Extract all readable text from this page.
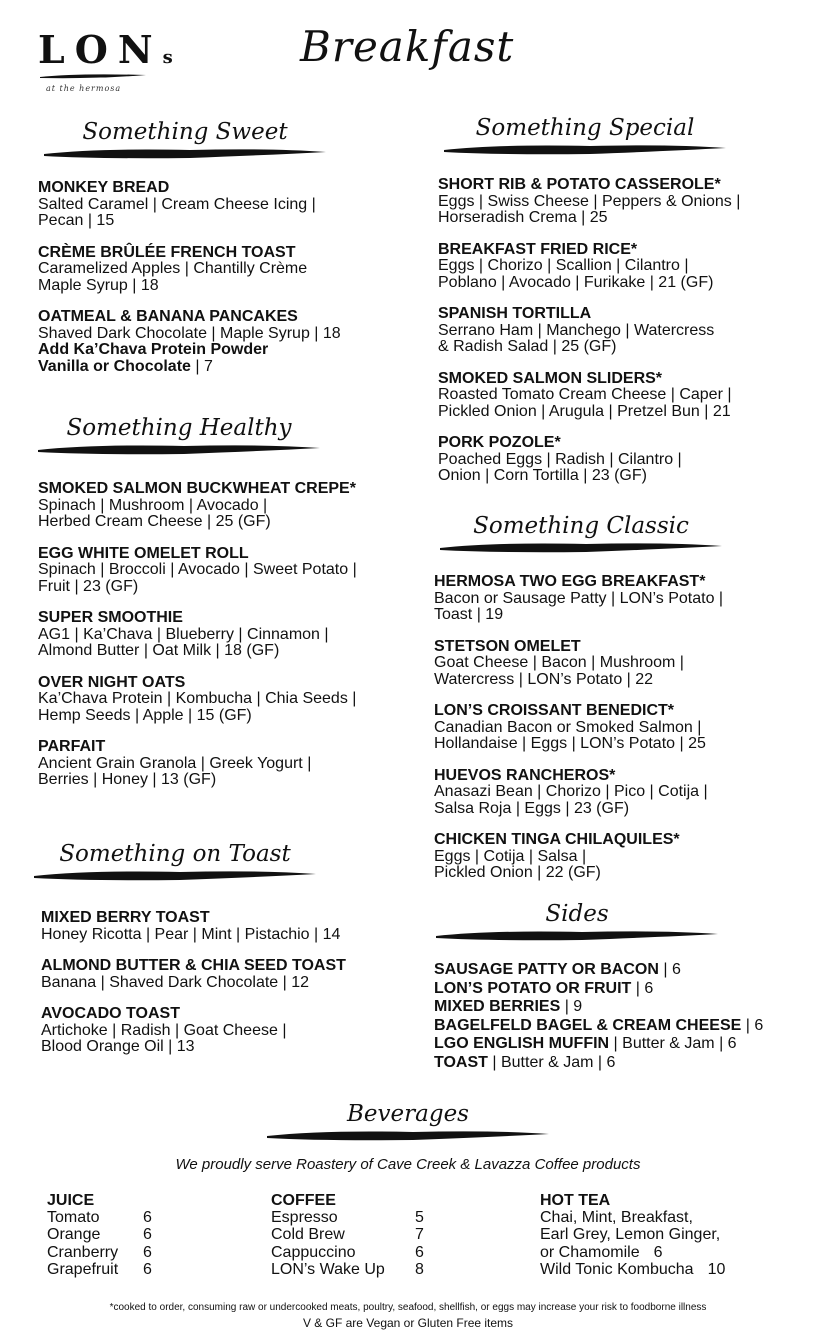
LONs
at the hermosa
Breakfast
Something Sweet
MONKEY BREAD
Salted Caramel | Cream Cheese Icing |
Pecan | 15
CRÈME BRÛLÉE FRENCH TOAST
Caramelized Apples | Chantilly Crème
Maple Syrup | 18
OATMEAL & BANANA PANCAKES
Shaved Dark Chocolate | Maple Syrup | 18
Add Ka’Chava Protein Powder
Vanilla or Chocolate | 7
Something Healthy
SMOKED SALMON BUCKWHEAT CREPE*
Spinach | Mushroom | Avocado |
Herbed Cream Cheese | 25 (GF)
EGG WHITE OMELET ROLL
Spinach | Broccoli | Avocado | Sweet Potato |
Fruit | 23 (GF)
SUPER SMOOTHIE
AG1 | Ka’Chava | Blueberry | Cinnamon |
Almond Butter | Oat Milk | 18 (GF)
OVER NIGHT OATS
Ka’Chava Protein | Kombucha | Chia Seeds |
Hemp Seeds | Apple | 15 (GF)
PARFAIT
Ancient Grain Granola | Greek Yogurt |
Berries | Honey | 13 (GF)
Something on Toast
MIXED BERRY TOAST
Honey Ricotta | Pear | Mint | Pistachio | 14
ALMOND BUTTER & CHIA SEED TOAST
Banana | Shaved Dark Chocolate | 12
AVOCADO TOAST
Artichoke | Radish | Goat Cheese |
Blood Orange Oil | 13
Something Special
SHORT RIB & POTATO CASSEROLE*
Eggs | Swiss Cheese | Peppers & Onions |
Horseradish Crema | 25
BREAKFAST FRIED RICE*
Eggs | Chorizo | Scallion | Cilantro |
Poblano | Avocado | Furikake | 21 (GF)
SPANISH TORTILLA
Serrano Ham | Manchego | Watercress
& Radish Salad | 25 (GF)
SMOKED SALMON SLIDERS*
Roasted Tomato Cream Cheese | Caper |
Pickled Onion | Arugula | Pretzel Bun | 21
PORK POZOLE*
Poached Eggs | Radish | Cilantro |
Onion | Corn Tortilla | 23 (GF)
Something Classic
HERMOSA TWO EGG BREAKFAST*
Bacon or Sausage Patty | LON’s Potato |
Toast | 19
STETSON OMELET
Goat Cheese | Bacon | Mushroom |
Watercress | LON’s Potato | 22
LON’S CROISSANT BENEDICT*
Canadian Bacon or Smoked Salmon |
Hollandaise | Eggs | LON’s Potato | 25
HUEVOS RANCHEROS*
Anasazi Bean | Chorizo | Pico | Cotija |
Salsa Roja | Eggs | 23 (GF)
CHICKEN TINGA CHILAQUILES*
Eggs | Cotija | Salsa |
Pickled Onion | 22 (GF)
Sides
SAUSAGE PATTY OR BACON | 6
LON’S POTATO OR FRUIT | 6
MIXED BERRIES | 9
BAGELFELD BAGEL & CREAM CHEESE | 6
LGO ENGLISH MUFFIN | Butter & Jam | 6
TOAST | Butter & Jam | 6
Beverages
We proudly serve Roastery of Cave Creek & Lavazza Coffee products
JUICE
Tomato	6
Orange	6
Cranberry	6
Grapefruit	6
COFFEE
Espresso	5
Cold Brew	7
Cappuccino	6
LON’s Wake Up	8
HOT TEA
Chai, Mint, Breakfast,
Earl Grey, Lemon Ginger,
or Chamomile 6
Wild Tonic Kombucha 10
*cooked to order, consuming raw or undercooked meats, poultry, seafood, shellfish, or eggs may increase your risk to foodborne illness
V & GF are Vegan or Gluten Free items
